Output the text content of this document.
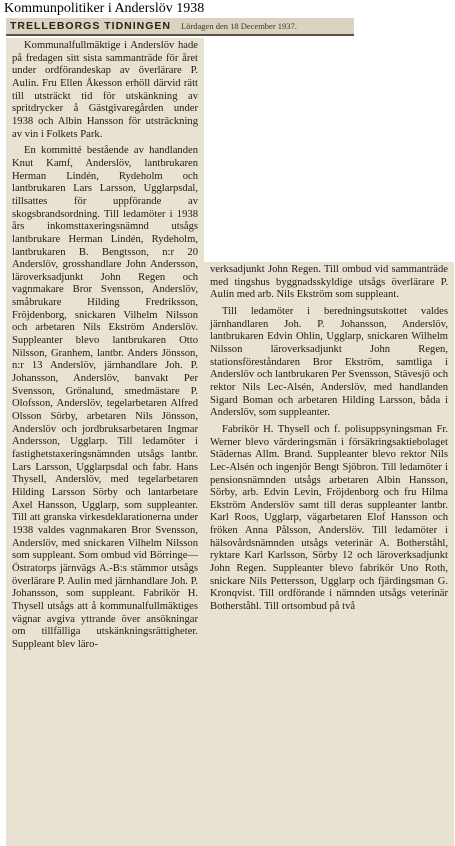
Kommunpolitiker i Anderslöv 1938
TRELLEBORGS TIDNINGEN Lördagen den 18 December 1937.

Kommunalfullmäktige i Anderslöv hade på fredagen sitt sista sammanträde för året under ordförandeskap av överlärare P. Aulin. Fru Ellen Åkesson erhöll därvid rätt till utsträckt tid för utskänkning av spritdrycker å Gästgivaregården under 1938 och Albin Hansson för utsträckning av vin i Folkets Park.

En kommitté bestående av handlanden Knut Kamf, Anderslöv, lantbrukaren Herman Lindén, Rydeholm och lantbrukaren Lars Larsson, Ugglarpsdal, tillsattes för uppförande av skogsbrandsordning. Till ledamöter i 1938 års inkomsttaxeringsnämnd utsågs lantbrukare Herman Lindén, Rydeholm, lantbrukaren B. Bengtsson, n:r 20 Anderslöv, grosshandlare John Andersson, läroverksadjunkt John Regen och vagnmakare Bror Svensson, Anderslöv, småbrukare Hilding Fredriksson, Fröjdenborg, snickaren Vilhelm Nilsson och arbetaren Nils Ekström Anderslöv. Suppleanter blevo lantbrukaren Otto Nilsson, Granhem, lantbr. Anders Jönsson, n:r 13 Anderslöv, järnhandlare Joh. P. Johansson, Anderslöv, banvakt Per Svensson, Grönalund, smedmästare P. Olofsson, Anderslöv, tegelarbetaren Alfred Olsson Sörby, arbetaren Nils Jönsson, Anderslöv och jordbruksarbetaren Ingmar Andersson, Ugglarp. Till ledamöter i fastighetstaxeringsnämnden utsågs lantbr. Lars Larsson, Ugglarpsdal och fabr. Hans Thysell, Anderslöv, med tegelarbetaren Hilding Larsson Sörby och lantarbetare Axel Hansson, Ugglarp, som suppleanter. Till att granska virkesdeklarationerna under 1938 valdes vagnmakaren Bror Svensson, Anderslöv, med snickaren Vilhelm Nilsson som suppleant. Som ombud vid Börringe—Östratorps järnvägs A.-B:s stämmor utsågs överlärare P. Aulin med järnhandlare Joh. P. Johansson, som suppleant. Fabrikör H. Thysell utsågs att å kommunalfullmäktiges vägnar avgiva yttrande över ansökningar om tillfälliga utskänkningsrättigheter. Suppleant blev läro-

verksadjunkt John Regen. Till ombud vid sammanträde med tingshus byggnadsskyldige utsågs överlärare P. Aulin med arb. Nils Ekström som suppleant.

Till ledamöter i beredningsutskottet valdes järnhandlaren Joh. P. Johansson, Anderslöv, lantbrukaren Edvin Ohlin, Ugglarp, snickaren Wilhelm Nilsson läroverksadjunkt John Regen, stationsföreståndaren Bror Ekström, samtliga i Anderslöv och lantbrukaren Per Svensson, Stävesjö och rektor Nils Lec-Alsén, Anderslöv, med handlanden Sigard Boman och arbetaren Hilding Larsson, båda i Anderslöv, som suppleanter.

Fabrikör H. Thysell och f. polisuppsyningsman Fr. Werner blevo värderingsmän i försäkringsaktiebolaget Städernas Allm. Brand. Suppleanter blevo rektor Nils Lec-Alsén och ingenjör Bengt Sjöbron. Till ledamöter i pensionsnämnden utsågs arbetaren Albin Hansson, Sörby, arb. Edvin Levin, Fröjdenborg och fru Hilma Ekström Anderslöv samt till deras suppleanter lantbr. Karl Roos, Ugglarp, vägarbetaren Elof Hansson och fröken Anna Pålsson, Anderslöv. Till ledamöter i hälsovårdsnämnden utsågs veterinär A. Botherståhl, ryktare Karl Karlsson, Sörby 12 och läroverksadjunkt John Regen. Suppleanter blevo fabrikör Uno Roth, snickare Nils Pettersson, Ugglarp och fjärdingsman G. Kronqvist. Till ordförande i nämnden utsågs veterinär Botherståhl. Till ortsombud på två
